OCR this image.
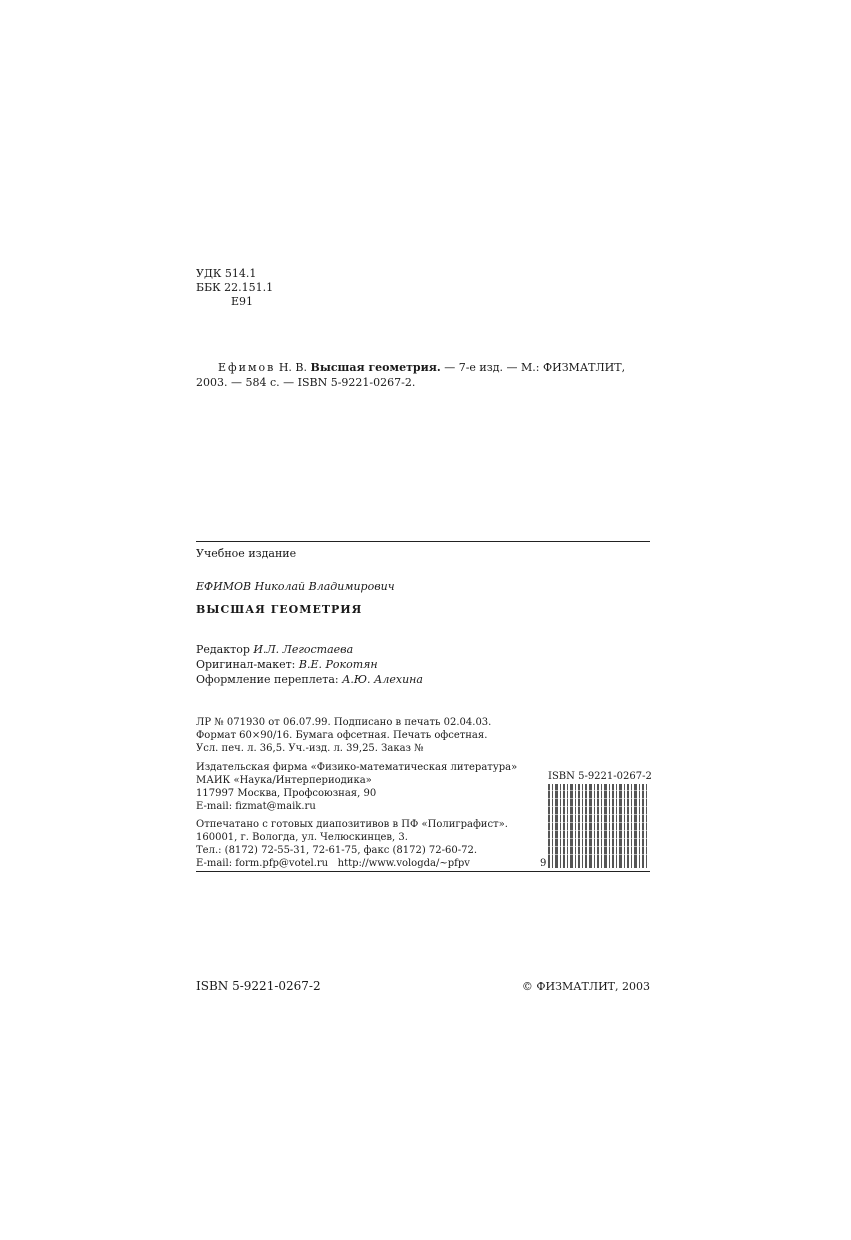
УДК 514.1
ББК 22.151.1
Е91
Ефимов Н. В. Высшая геометрия. — 7-е изд. — М.: ФИЗМАТЛИТ,
2003. — 584 с. — ISBN 5-9221-0267-2.
Учебное издание
ЕФИМОВ Николай Владимирович
ВЫСШАЯ ГЕОМЕТРИЯ
Редактор И.Л. Легостаева
Оригинал-макет: В.Е. Рокотян
Оформление переплета: А.Ю. Алехина
ЛР № 071930 от 06.07.99. Подписано в печать 02.04.03.
Формат 60×90/16. Бумага офсетная. Печать офсетная.
Усл. печ. л. 36,5. Уч.-изд. л. 39,25. Заказ №
Издательская фирма «Физико-математическая литература»
МАИК «Наука/Интерпериодика»
117997 Москва, Профсоюзная, 90
E-mail: fizmat@maik.ru
Отпечатано с готовых диапозитивов в ПФ «Полиграфист».
160001, г. Вологда, ул. Челюскинцев, 3.
Тел.: (8172) 72-55-31, 72-61-75, факс (8172) 72-60-72.
E-mail: form.pfp@votel.ru   http://www.vologda/~pfpv
ISBN 5-9221-0267-2
9
ISBN 5-9221-0267-2	© ФИЗМАТЛИТ, 2003
